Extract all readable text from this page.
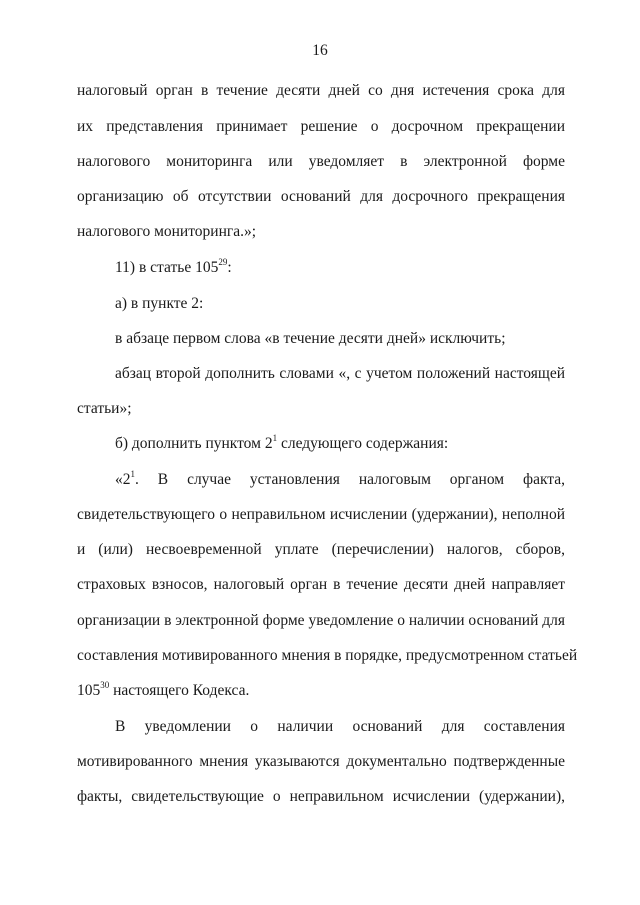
16
налоговый орган в течение десяти дней со дня истечения срока для
их представления принимает решение о досрочном прекращении
налогового мониторинга или уведомляет в электронной форме
организацию об отсутствии оснований для досрочного прекращения
налогового мониторинга.»;
11) в статье $105^{29}$:
а) в пункте 2:
в абзаце первом слова «в течение десяти дней» исключить;
абзац второй дополнить словами «, с учетом положений настоящей
статьи»;
б) дополнить пунктом $2^1$ следующего содержания:
«$2^1$. В случае установления налоговым органом факта,
свидетельствующего о неправильном исчислении (удержании), неполной
и (или) несвоевременной уплате (перечислении) налогов, сборов,
страховых взносов, налоговый орган в течение десяти дней направляет
организации в электронной форме уведомление о наличии оснований для
составления мотивированного мнения в порядке, предусмотренном статьей
$105^{30}$ настоящего Кодекса.
В уведомлении о наличии оснований для составления
мотивированного мнения указываются документально подтвержденные
факты, свидетельствующие о неправильном исчислении (удержании),
